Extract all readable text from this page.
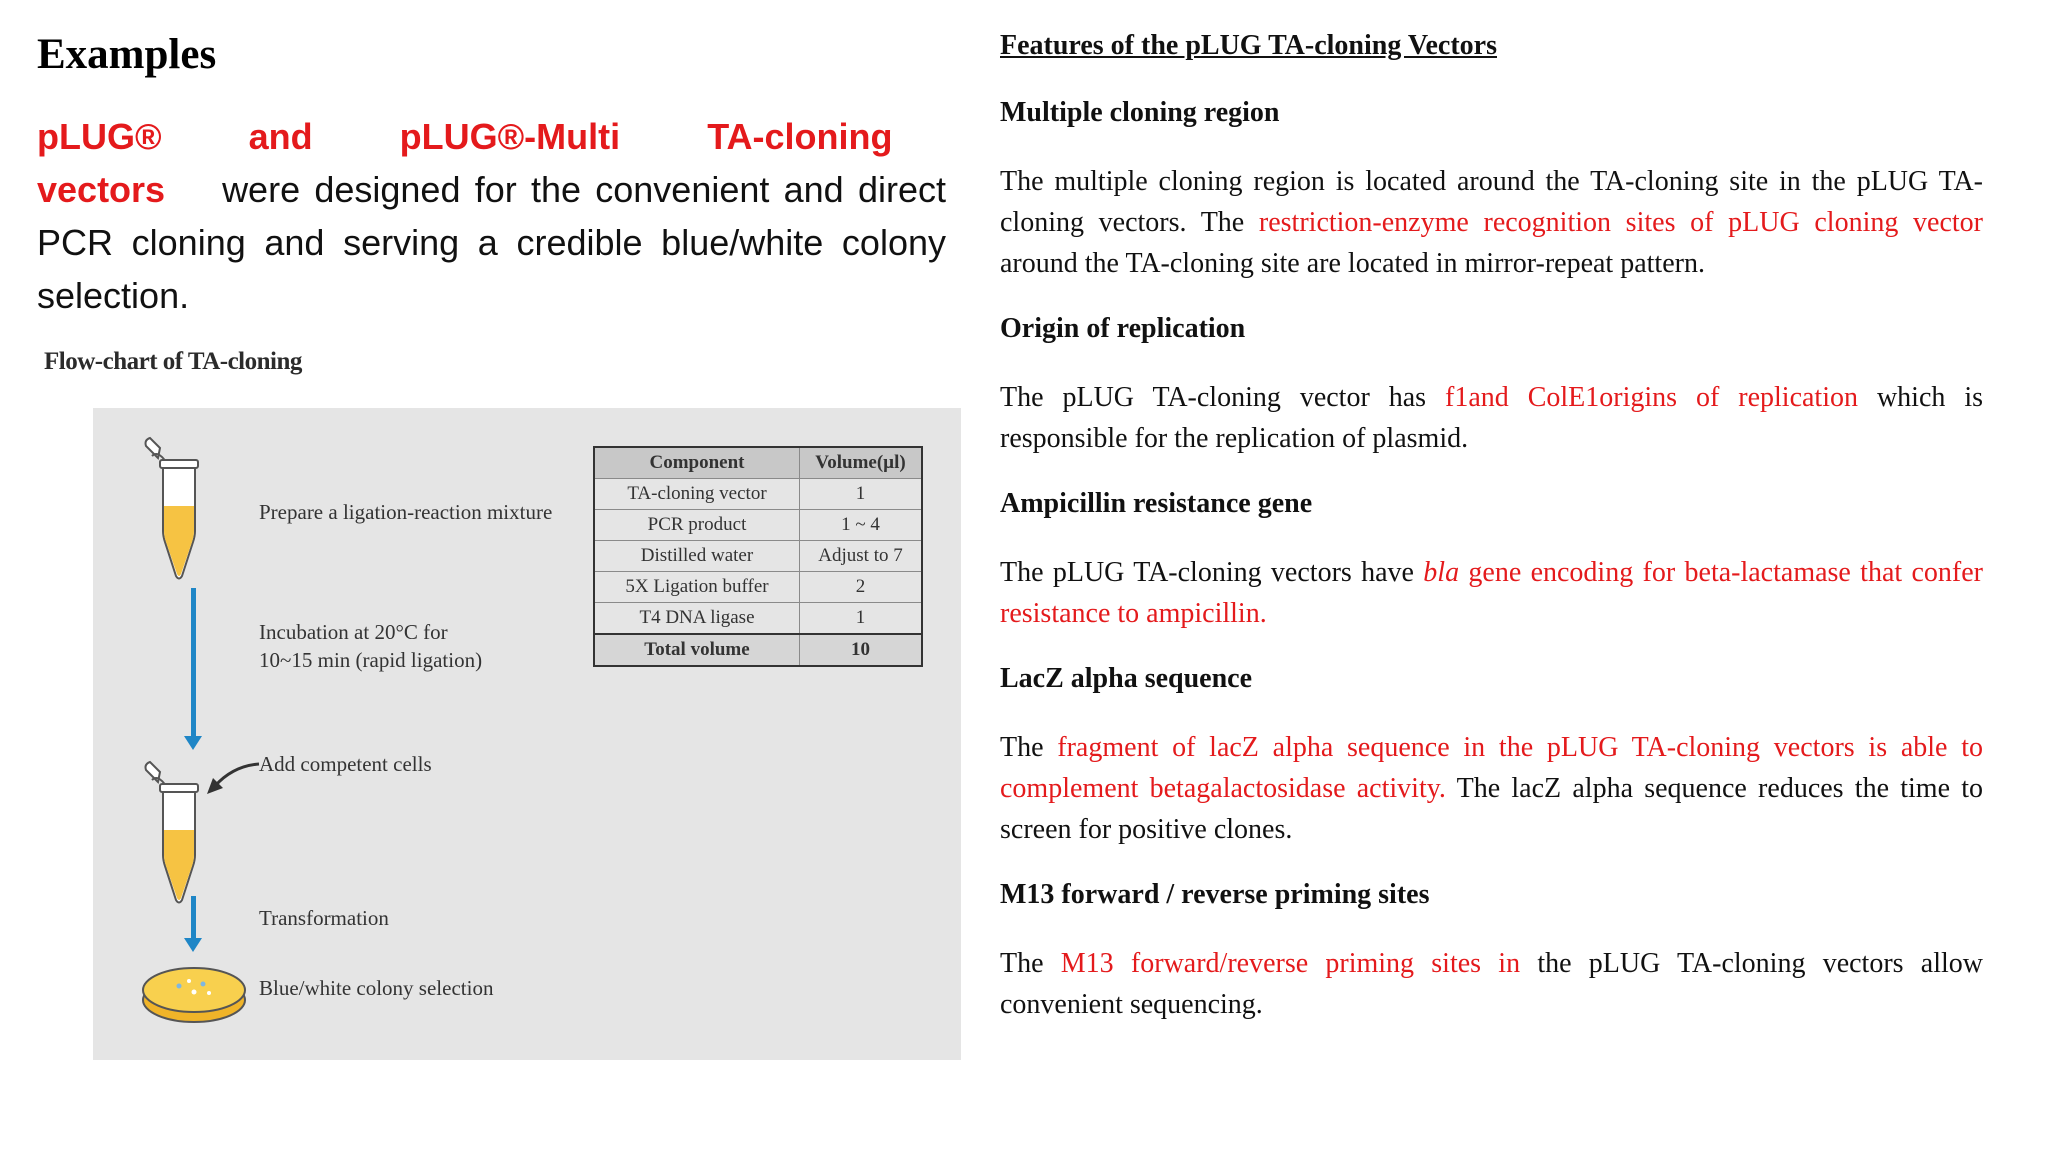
Examples
pLUG® and pLUG®-Multi TA-cloning    vectors were designed for the convenient and direct PCR cloning and serving a credible blue/white colony selection.
Flow-chart of TA-cloning
Prepare a ligation-reaction mixture
Incubation at 20°C for
10~15 min (rapid ligation)
Add competent cells
Transformation
Blue/white colony selection
Component	Volume(µl)
TA-cloning vector	1
PCR product	1 ~ 4
Distilled water	Adjust to 7
5X Ligation buffer	2
T4 DNA ligase	1
Total volume	10
Features of the pLUG TA-cloning Vectors
Multiple cloning region
The multiple cloning region is located around the TA-cloning site in the pLUG TA-cloning vectors. The restriction-enzyme recognition sites of pLUG cloning vector around the TA-cloning site are located in mirror-repeat pattern.
Origin of replication
The pLUG TA-cloning vector has f1and ColE1origins of replication which is responsible for the replication of plasmid.
Ampicillin resistance gene
The pLUG TA-cloning vectors have bla gene encoding for beta-lactamase that confer resistance to ampicillin.
LacZ alpha sequence
The fragment of lacZ alpha sequence in the pLUG TA-cloning vectors is able to complement betagalactosidase activity. The lacZ alpha sequence reduces the time to screen for positive clones.
M13 forward / reverse priming sites
The M13 forward/reverse priming sites in the pLUG TA-cloning vectors allow convenient sequencing.
